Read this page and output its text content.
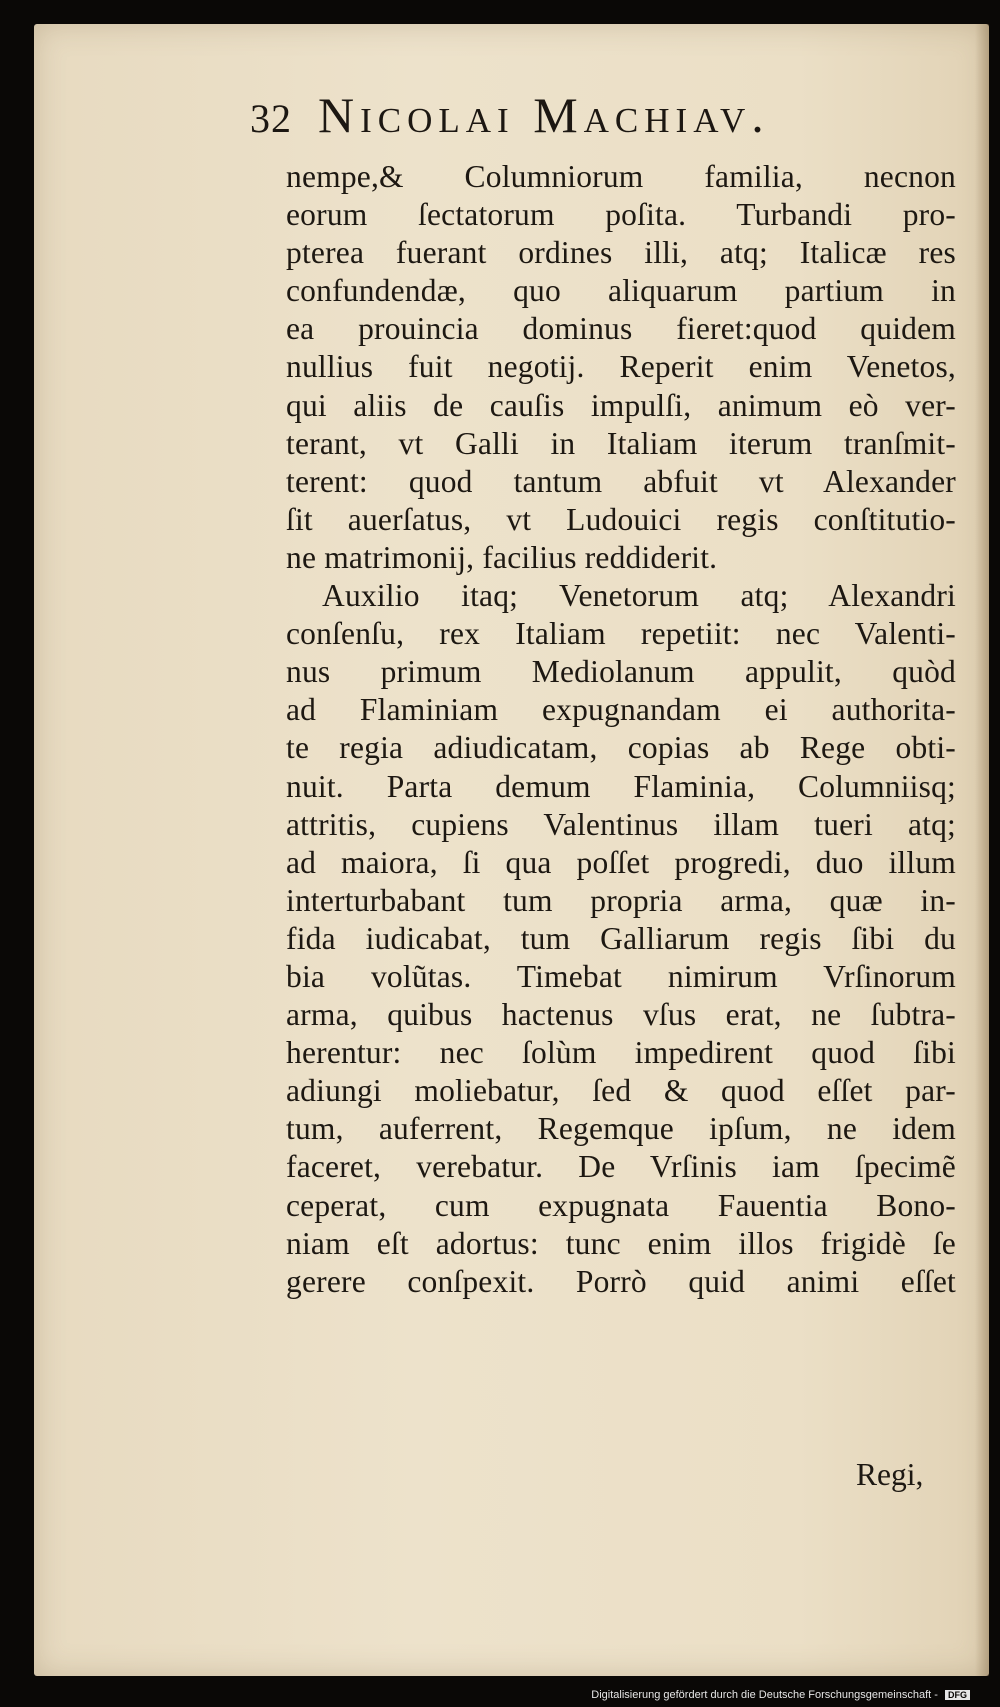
32 Nicolai Machiav.
nempe,& Columniorum familia, necnon
eorum ſectatorum poſita. Turbandi pro-
pterea fuerant ordines illi, atq; Italicæ res
confundendæ, quo aliquarum partium in
ea prouincia dominus fieret:quod quidem
nullius fuit negotij. Reperit enim Venetos,
qui aliis de cauſis impulſi, animum eò ver-
terant, vt Galli in Italiam iterum tranſmit-
terent: quod tantum abfuit vt Alexander
ſit auerſatus, vt Ludouici regis conſtitutio-
ne matrimonij, facilius reddiderit.
Auxilio itaq; Venetorum atq; Alexandri
conſenſu, rex Italiam repetiit: nec Valenti-
nus primum Mediolanum appulit, quòd
ad Flaminiam expugnandam ei authorita-
te regia adiudicatam, copias ab Rege obti-
nuit. Parta demum Flaminia, Columniisq;
attritis, cupiens Valentinus illam tueri atq;
ad maiora, ſi qua poſſet progredi, duo illum
interturbabant tum propria arma, quæ in-
fida iudicabat, tum Galliarum regis ſibi du
bia volũtas. Timebat nimirum Vrſinorum
arma, quibus hactenus vſus erat, ne ſubtra-
herentur: nec ſolùm impedirent quod ſibi
adiungi moliebatur, ſed & quod eſſet par-
tum, auferrent, Regemque ipſum, ne idem
faceret, verebatur. De Vrſinis iam ſpecimẽ
ceperat, cum expugnata Fauentia Bono-
niam eſt adortus: tunc enim illos frigidè ſe
gerere conſpexit. Porrò quid animi eſſet
Regi,
Digitalisierung gefördert durch die Deutsche Forschungsgemeinschaft - DFG
